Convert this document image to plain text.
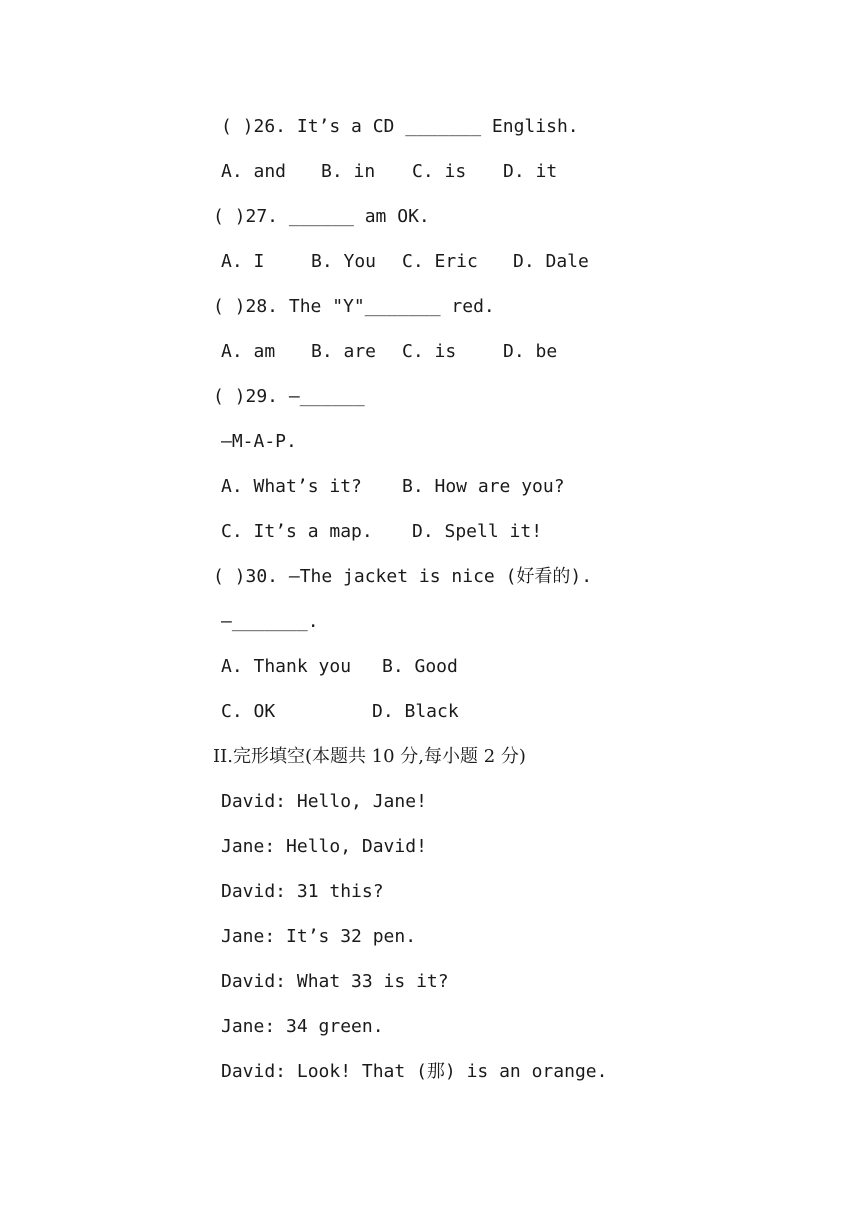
( )26. It’s a CD _______ English.
A. and B. in C. is D. it
( )27. ______ am OK.
A. I	B. You C. Eric D. Dale
( )28. The "Y"_______ red.
A. am B. are C. is	D. be
( )29. —______
—M-A-P.
A. What’s it? B. How are you?
C. It’s a map. D. Spell it!
( )30. —The jacket is nice (好看的).
—_______.
A. Thank you B. Good
C. OK	D. Black
II.完形填空(本题共 10 分,每小题 2 分)
David: Hello, Jane!
Jane: Hello, David!
David: 31 this?
Jane: It’s 32 pen.
David: What 33 is it?
Jane: 34 green.
David: Look! That (那) is an orange.
